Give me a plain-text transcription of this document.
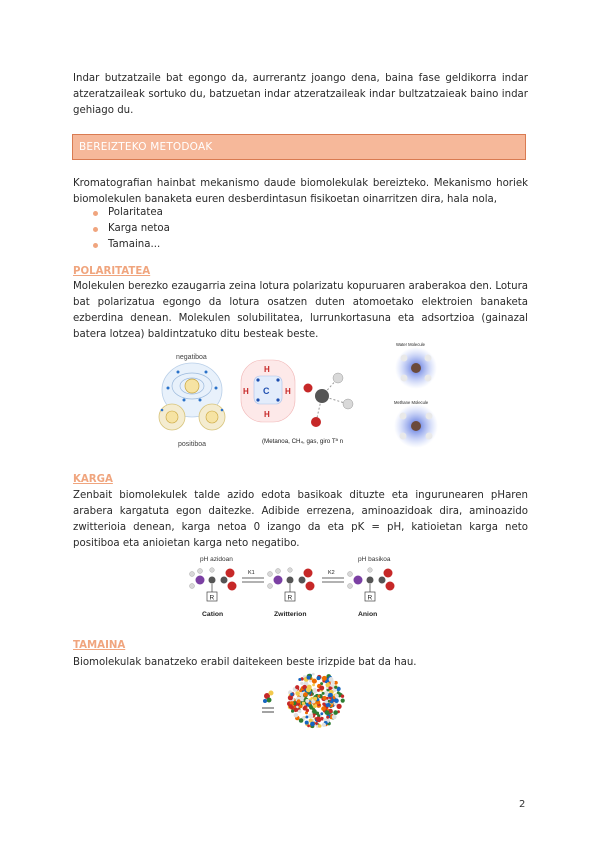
Indar butzatzaile bat egongo da, aurrerantz joango dena, baina fase geldikorra indar atzeratzaileak sortuko du, batzuetan indar atzeratzaileak indar bultzatzaieak baino indar gehiago du.

BEREIZTEKO METODOAK

Kromatografian hainbat mekanismo daude biomolekulak bereizteko. Mekanismo horiek biomolekulen banaketa euren desberdintasun fisikoetan oinarritzen dira, hala nola,

Polaritatea
Karga netoa
Tamaina...
POLARITATEA

Molekulen berezko ezaugarria zeina lotura polarizatu kopuruaren araberakoa den. Lotura bat polarizatua egongo da lotura osatzen duten atomoetako elektroien banaketa ezberdina denean. Molekulen solubilitatea, lurrunkortasuna eta adsortzioa (gainazal batera lotzea) baldintzatuko ditu besteak beste.

negatiboa
positiboa
C
H
H
H	H
(Metanoa, CH₄, gas, giro Tª n
Water Molecule
Methane Molecule
KARGA

Zenbait biomolekulek talde azido edota basikoak dituzte eta ingurunearen pHaren arabera kargatuta egon daitezke. Adibide errezena, aminoazidoak dira, aminoazido zwitterioia denean, karga netoa 0 izango da eta pK = pH, katioietan karga neto positiboa eta anioietan karga neto negatibo.

pH azidoan	pH basikoa
R
K1
R
K2
R
Cation	Zwitterion	Anion
TAMAINA

Biomolekulak banatzeko erabil daitekeen beste irizpide bat da hau.

2
